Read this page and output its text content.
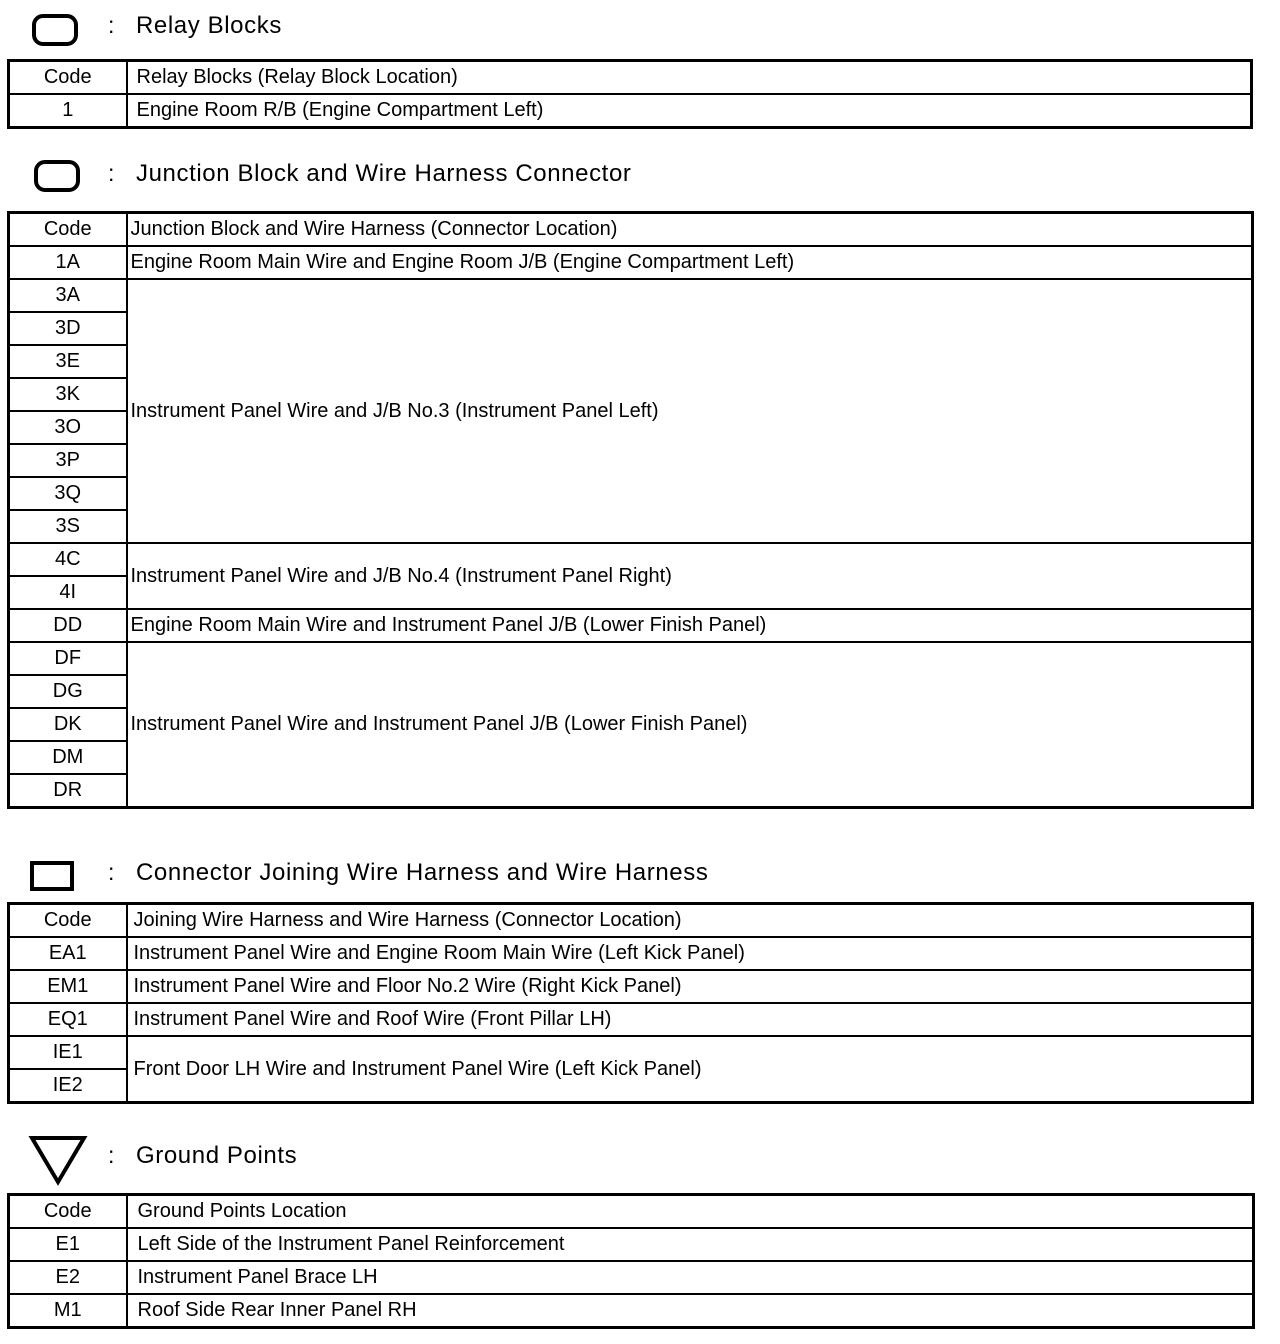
: Relay Blocks
Code	Relay Blocks (Relay Block Location)
1	Engine Room R/B (Engine Compartment Left)
: Junction Block and Wire Harness Connector
Code	Junction Block and Wire Harness (Connector Location)
1A	Engine Room Main Wire and Engine Room J/B (Engine Compartment Left)
3A	Instrument Panel Wire and J/B No.3 (Instrument Panel Left)
3D	
3E	
3K	
3O	
3P	
3Q	
3S	
4C	Instrument Panel Wire and J/B No.4 (Instrument Panel Right)
4I	
DD	Engine Room Main Wire and Instrument Panel J/B (Lower Finish Panel)
DF	Instrument Panel Wire and Instrument Panel J/B (Lower Finish Panel)
DG	
DK	
DM	
DR	
: Connector Joining Wire Harness and Wire Harness
Code	Joining Wire Harness and Wire Harness (Connector Location)
EA1	Instrument Panel Wire and Engine Room Main Wire (Left Kick Panel)
EM1	Instrument Panel Wire and Floor No.2 Wire (Right Kick Panel)
EQ1	Instrument Panel Wire and Roof Wire (Front Pillar LH)
IE1	Front Door LH Wire and Instrument Panel Wire (Left Kick Panel)
IE2	
: Ground Points
Code	Ground Points Location
E1	Left Side of the Instrument Panel Reinforcement
E2	Instrument Panel Brace LH
M1	Roof Side Rear Inner Panel RH
